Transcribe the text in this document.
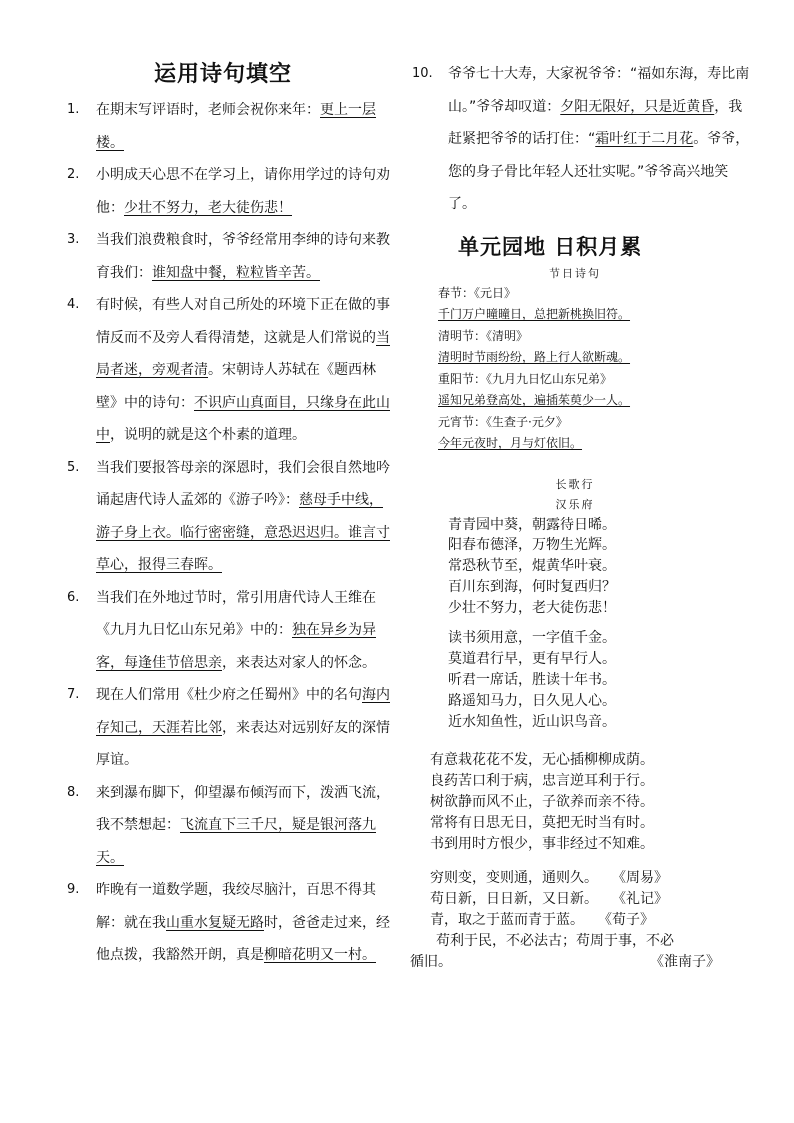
运用诗句填空
1. 在期末写评语时，老师会祝你来年：更上一层楼。
2. 小明成天心思不在学习上，请你用学过的诗句劝他：少壮不努力，老大徒伤悲！
3. 当我们浪费粮食时，爷爷经常用李绅的诗句来教育我们：谁知盘中餐，粒粒皆辛苦。
4. 有时候，有些人对自己所处的环境下正在做的事情反而不及旁人看得清楚，这就是人们常说的当局者迷，旁观者清。宋朝诗人苏轼在《题西林壁》中的诗句：不识庐山真面目，只缘身在此山中，说明的就是这个朴素的道理。
5. 当我们要报答母亲的深恩时，我们会很自然地吟诵起唐代诗人孟郊的《游子吟》：慈母手中线，游子身上衣。临行密密缝，意恐迟迟归。谁言寸草心，报得三春晖。
6. 当我们在外地过节时，常引用唐代诗人王维在《九月九日忆山东兄弟》中的：独在异乡为异客，每逢佳节倍思亲，来表达对家人的怀念。
7. 现在人们常用《杜少府之任蜀州》中的名句海内存知己，天涯若比邻，来表达对远别好友的深情厚谊。
8. 来到瀑布脚下，仰望瀑布倾泻而下，泼洒飞流，我不禁想起：飞流直下三千尺，疑是银河落九天。
9. 昨晚有一道数学题，我绞尽脑汁，百思不得其解：就在我山重水复疑无路时，爸爸走过来，经他点拨，我豁然开朗，真是柳暗花明又一村。
10. 爷爷七十大寿，大家祝爷爷：“福如东海，寿比南山。”爷爷却叹道：夕阳无限好，只是近黄昏，我赶紧把爷爷的话打住：“霜叶红于二月花。爷爷，您的身子骨比年轻人还壮实呢。”爷爷高兴地笑了。
单元园地 日积月累
节日诗句
春节：《元日》
千门万户曈曈日，总把新桃换旧符。
清明节：《清明》
清明时节雨纷纷，路上行人欲断魂。
重阳节：《九月九日忆山东兄弟》
遥知兄弟登高处，遍插茱萸少一人。
元宵节：《生查子·元夕》
今年元夜时，月与灯依旧。
长歌行
汉乐府
青青园中葵，朝露待日晞。
阳春布德泽，万物生光辉。
常恐秋节至，焜黄华叶衰。
百川东到海，何时复西归？
少壮不努力，老大徒伤悲！
读书须用意，一字值千金。
莫道君行早，更有早行人。
听君一席话，胜读十年书。
路遥知马力，日久见人心。
近水知鱼性，近山识鸟音。
有意栽花花不发，无心插柳柳成荫。
良药苦口利于病，忠言逆耳利于行。
树欲静而风不止，子欲养而亲不待。
常将有日思无日，莫把无时当有时。
书到用时方恨少，事非经过不知难。
穷则变，变则通，通则久。 《周易》
苟日新，日日新，又日新。 《礼记》
青，取之于蓝而青于蓝。 《荀子》
苟利于民，不必法古；苟周于事，不必
循旧。	《淮南子》
